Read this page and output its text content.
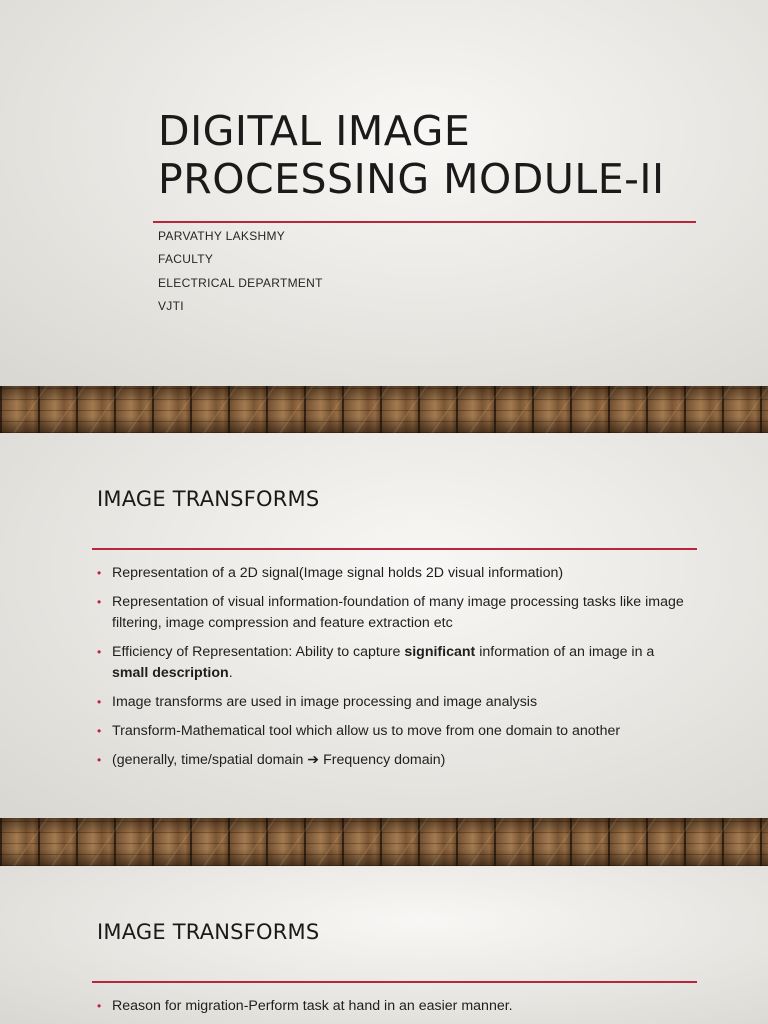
DIGITAL IMAGE
PROCESSING MODULE-II
PARVATHY LAKSHMY
FACULTY
ELECTRICAL DEPARTMENT
VJTI
IMAGE TRANSFORMS
• Representation of a 2D signal(Image signal holds 2D visual information)
• Representation of visual information-foundation of many image processing tasks like image filtering, image compression and feature extraction etc
• Efficiency of Representation: Ability to capture significant information of an image in a small description.
• Image transforms are used in image processing and image analysis
• Transform-Mathematical tool which allow us to move from one domain to another
• (generally, time/spatial domain ➔ Frequency domain)
IMAGE TRANSFORMS
• Reason for migration-Perform task at hand in an easier manner.
